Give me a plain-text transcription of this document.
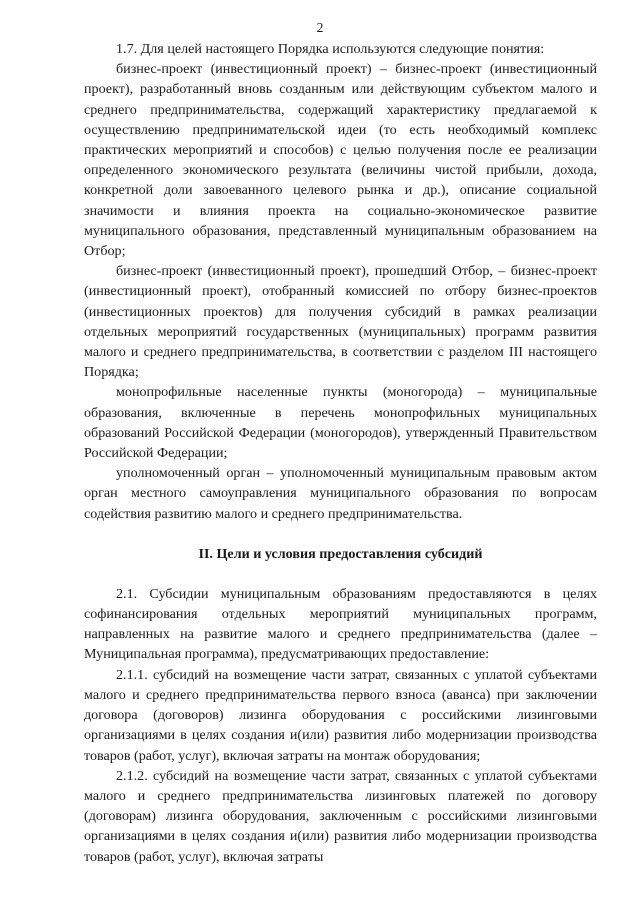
2

1.7. Для целей настоящего Порядка используются следующие понятия:

бизнес-проект (инвестиционный проект) – бизнес-проект (инвестиционный проект), разработанный вновь созданным или действующим субъектом малого и среднего предпринимательства, содержащий характеристику предлагаемой к осуществлению предпринимательской идеи (то есть необходимый комплекс практических мероприятий и способов) с целью получения после ее реализации определенного экономического результата (величины чистой прибыли, дохода, конкретной доли завоеванного целевого рынка и др.), описание социальной значимости и влияния проекта на социально-экономическое развитие муниципального образования, представленный муниципальным образованием на Отбор;

бизнес-проект (инвестиционный проект), прошедший Отбор, – бизнес-проект (инвестиционный проект), отобранный комиссией по отбору бизнес-проектов (инвестиционных проектов) для получения субсидий в рамках реализации отдельных мероприятий государственных (муниципальных) программ развития малого и среднего предпринимательства, в соответствии с разделом III настоящего Порядка;

монопрофильные населенные пункты (моногорода) – муниципальные образования, включенные в перечень монопрофильных муниципальных образований Российской Федерации (моногородов), утвержденный Правительством Российской Федерации;

уполномоченный орган – уполномоченный муниципальным правовым актом орган местного самоуправления муниципального образования по вопросам содействия развитию малого и среднего предпринимательства.

II. Цели и условия предоставления субсидий

2.1. Субсидии муниципальным образованиям предоставляются в целях софинансирования отдельных мероприятий муниципальных программ, направленных на развитие малого и среднего предпринимательства (далее – Муниципальная программа), предусматривающих предоставление:

2.1.1. субсидий на возмещение части затрат, связанных с уплатой субъектами малого и среднего предпринимательства первого взноса (аванса) при заключении договора (договоров) лизинга оборудования с российскими лизинговыми организациями в целях создания и(или) развития либо модернизации производства товаров (работ, услуг), включая затраты на монтаж оборудования;

2.1.2. субсидий на возмещение части затрат, связанных с уплатой субъектами малого и среднего предпринимательства лизинговых платежей по договору (договорам) лизинга оборудования, заключенным с российскими лизинговыми организациями в целях создания и(или) развития либо модернизации производства товаров (работ, услуг), включая затраты
